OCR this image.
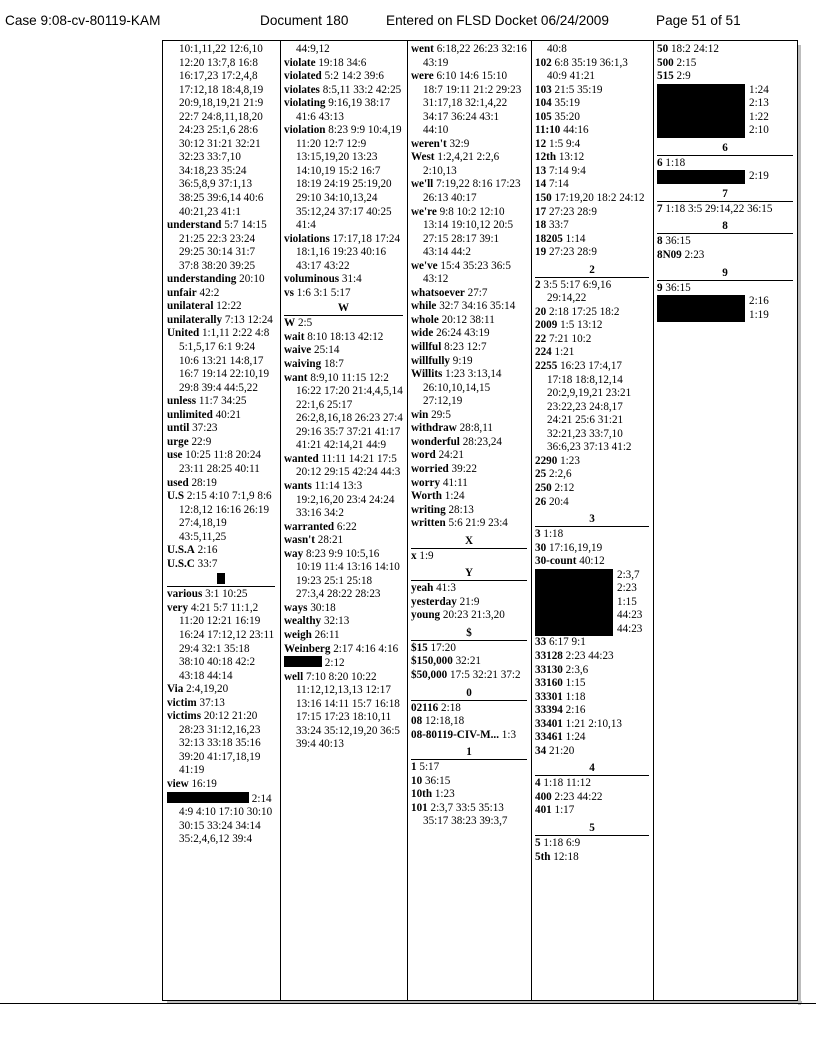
Case 9:08-cv-80119-KAM	Document 180	Entered on FLSD Docket 06/24/2009	Page 51 of 51
10:1,11,22 12:6,10 12:20 13:7,8 16:8 16:17,23 17:2,4,8 17:12,18 18:4,8,19 20:9,18,19,21 21:9 22:7 24:8,11,18,20 24:23 25:1,6 28:6 30:12 31:21 32:21 32:23 33:7,10 34:18,23 35:24 36:5,8,9 37:1,13 38:25 39:6,14 40:6 40:21,23 41:1
understand 5:7 14:15 21:25 22:3 23:24 29:25 30:14 31:7 37:8 38:20 39:25
understanding 20:10
unfair 42:2
unilateral 12:22
unilaterally 7:13 12:24
United 1:1,11 2:22 4:8 5:1,5,17 6:1 9:24 10:6 13:21 14:8,17 16:7 19:14 22:10,19 29:8 39:4 44:5,22
unless 11:7 34:25
unlimited 40:21
until 37:23
urge 22:9
use 10:25 11:8 20:24 23:11 28:25 40:11
used 28:19
U.S 2:15 4:10 7:1,9 8:6 12:8,12 16:16 26:19 27:4,18,19 43:5,11,25
U.S.A 2:16
U.S.C 33:7
various 3:1 10:25
very 4:21 5:7 11:1,2 11:20 12:21 16:19 16:24 17:12,12 23:11 29:4 32:1 35:18 38:10 40:18 42:2 43:18 44:14
Via 2:4,19,20
victim 37:13
victims 20:12 21:20 28:23 31:12,16,23 32:13 33:18 35:16 39:20 41:17,18,19 41:19
view 16:19
2:14 4:9 4:10 17:10 30:10 30:15 33:24 34:14 35:2,4,6,12 39:4
44:9,12
violate 19:18 34:6
violated 5:2 14:2 39:6
violates 8:5,11 33:2 42:25
violating 9:16,19 38:17 41:6 43:13
violation 8:23 9:9 10:4,19 11:20 12:7 12:9 13:15,19,20 13:23 14:10,19 15:2 16:7 18:19 24:19 25:19,20 29:10 34:10,13,24 35:12,24 37:17 40:25 41:4
violations 17:17,18 17:24 18:1,16 19:23 40:16 43:17 43:22
voluminous 31:4
vs 1:6 3:1 5:17
W
W 2:5
wait 8:10 18:13 42:12
waive 25:14
waiving 18:7
want 8:9,10 11:15 12:2 16:22 17:20 21:4,4,5,14 22:1,6 25:17 26:2,8,16,18 26:23 27:4 29:16 35:7 37:21 41:17 41:21 42:14,21 44:9
wanted 11:11 14:21 17:5 20:12 29:15 42:24 44:3
wants 11:14 13:3 19:2,16,20 23:4 24:24 33:16 34:2
warranted 6:22
wasn't 28:21
way 8:23 9:9 10:5,16 10:19 11:4 13:16 14:10 19:23 25:1 25:18 27:3,4 28:22 28:23
ways 30:18
wealthy 32:13
weigh 26:11
Weinberg 2:17 4:16 4:16
2:12
well 7:10 8:20 10:22 11:12,12,13,13 12:17 13:16 14:11 15:7 16:18 17:15 17:23 18:10,11 33:24 35:12,19,20 36:5 39:4 40:13
went 6:18,22 26:23 32:16 43:19
were 6:10 14:6 15:10 18:7 19:11 21:2 29:23 31:17,18 32:1,4,22 34:17 36:24 43:1 44:10
weren't 32:9
West 1:2,4,21 2:2,6 2:10,13
we'll 7:19,22 8:16 17:23 26:13 40:17
we're 9:8 10:2 12:10 13:14 19:10,12 20:5 27:15 28:17 39:1 43:14 44:2
we've 15:4 35:23 36:5 43:12
whatsoever 27:7
while 32:7 34:16 35:14
whole 20:12 38:11
wide 26:24 43:19
willful 8:23 12:7
willfully 9:19
Willits 1:23 3:13,14 26:10,10,14,15 27:12,19
win 29:5
withdraw 28:8,11
wonderful 28:23,24
word 24:21
worried 39:22
worry 41:11
Worth 1:24
writing 28:13
written 5:6 21:9 23:4
X
x 1:9
Y
yeah 41:3
yesterday 21:9
young 20:23 21:3,20
$
$15 17:20
$150,000 32:21
$50,000 17:5 32:21 37:2
0
02116 2:18
08 12:18,18
08-80119-CIV-M... 1:3
1
1 5:17
10 36:15
10th 1:23
101 2:3,7 33:5 35:13 35:17 38:23 39:3,7
40:8
102 6:8 35:19 36:1,3 40:9 41:21
103 21:5 35:19
104 35:19
105 35:20
11:10 44:16
12 1:5 9:4
12th 13:12
13 7:14 9:4
14 7:14
150 17:19,20 18:2 24:12
17 27:23 28:9
18 33:7
18205 1:14
19 27:23 28:9
2
2 3:5 5:17 6:9,16 29:14,22
20 2:18 17:25 18:2
2009 1:5 13:12
22 7:21 10:2
224 1:21
2255 16:23 17:4,17 17:18 18:8,12,14 20:2,9,19,21 23:21 23:22,23 24:8,17 24:21 25:6 31:21 32:21,23 33:7,10 36:6,23 37:13 41:2
2290 1:23
25 2:2,6
250 2:12
26 20:4
3
3 1:18
30 17:16,19,19
30-count 40:12
2:3,7
2:23
1:15
44:23
44:23
33 6:17 9:1
33128 2:23 44:23
33130 2:3,6
33160 1:15
33301 1:18
33394 2:16
33401 1:21 2:10,13
33461 1:24
34 21:20
4
4 1:18 11:12
400 2:23 44:22
401 1:17
5
5 1:18 6:9
5th 12:18
50 18:2 24:12
500 2:15
515 2:9
1:24
2:13
1:22
2:10
6
6 1:18
2:19
7
7 1:18 3:5 29:14,22 36:15
8
8 36:15
8N09 2:23
9
9 36:15
2:16
1:19
